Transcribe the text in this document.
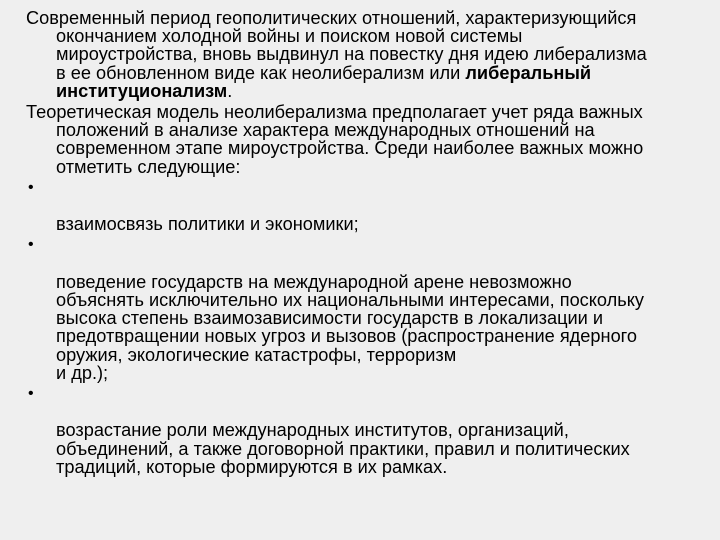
Современный период геополитических отношений, характеризующийся
окончанием холодной войны и поиском новой системы
мироустройства, вновь выдвинул на повестку дня идею либерализма
в ее обновленном виде как неолиберализм или либеральный
институционализм.

Теоретическая модель неолиберализма предполагает учет ряда важных
положений в анализе характера международных отношений на
современном этапе мироустройства. Среди наиболее важных можно
отметить следующие:

•

взаимосвязь политики и экономики;

•

поведение государств на международной арене невозможно
объяснять исключительно их национальными интересами, поскольку
высока степень взаимозависимости государств в локализации и
предотвращении новых угроз и вызовов (распространение ядерного
оружия, экологические катастрофы, терроризм
и др.);

•

возрастание роли международных институтов, организаций,
объединений, а также договорной практики, правил и политических
традиций, которые формируются в их рамках.
